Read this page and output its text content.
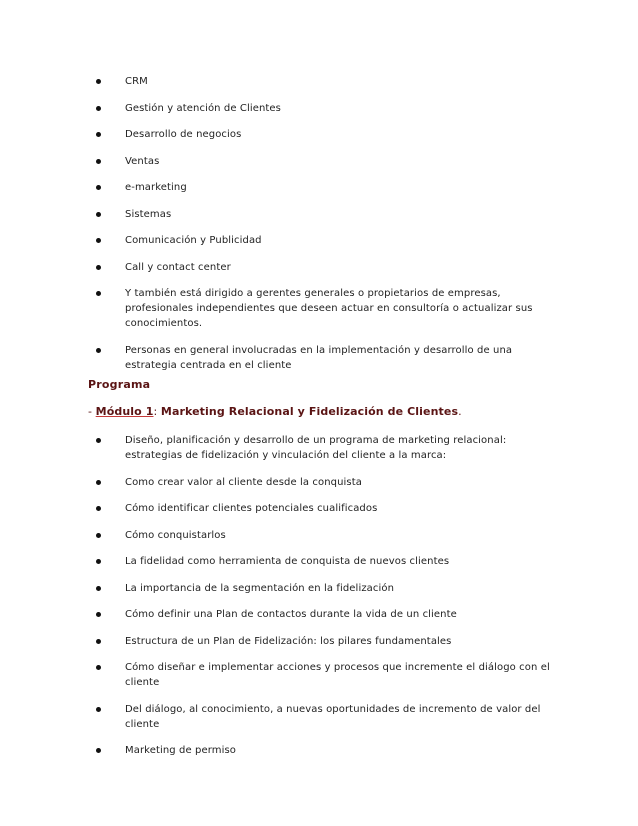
CRM
Gestión y atención de Clientes
Desarrollo de negocios
Ventas
e-marketing
Sistemas
Comunicación y Publicidad
Call y contact center
Y también está dirigido a gerentes generales o propietarios de empresas, profesionales independientes que deseen actuar en consultoría o actualizar sus conocimientos.
Personas en general involucradas en la implementación y desarrollo de una estrategia centrada en el cliente
Programa
- Módulo 1: Marketing Relacional y Fidelización de Clientes.
Diseño, planificación y desarrollo de un programa de marketing relacional: estrategias de fidelización y vinculación del cliente a la marca:
Como crear valor al cliente desde la conquista
Cómo identificar clientes potenciales cualificados
Cómo conquistarlos
La fidelidad como herramienta de conquista de nuevos clientes
La importancia de la segmentación en la fidelización
Cómo definir una Plan de contactos durante la vida de un cliente
Estructura de un Plan de Fidelización: los pilares fundamentales
Cómo diseñar e implementar acciones y procesos que incremente el diálogo con el cliente
Del diálogo, al conocimiento, a nuevas oportunidades de incremento de valor del cliente
Marketing de permiso
